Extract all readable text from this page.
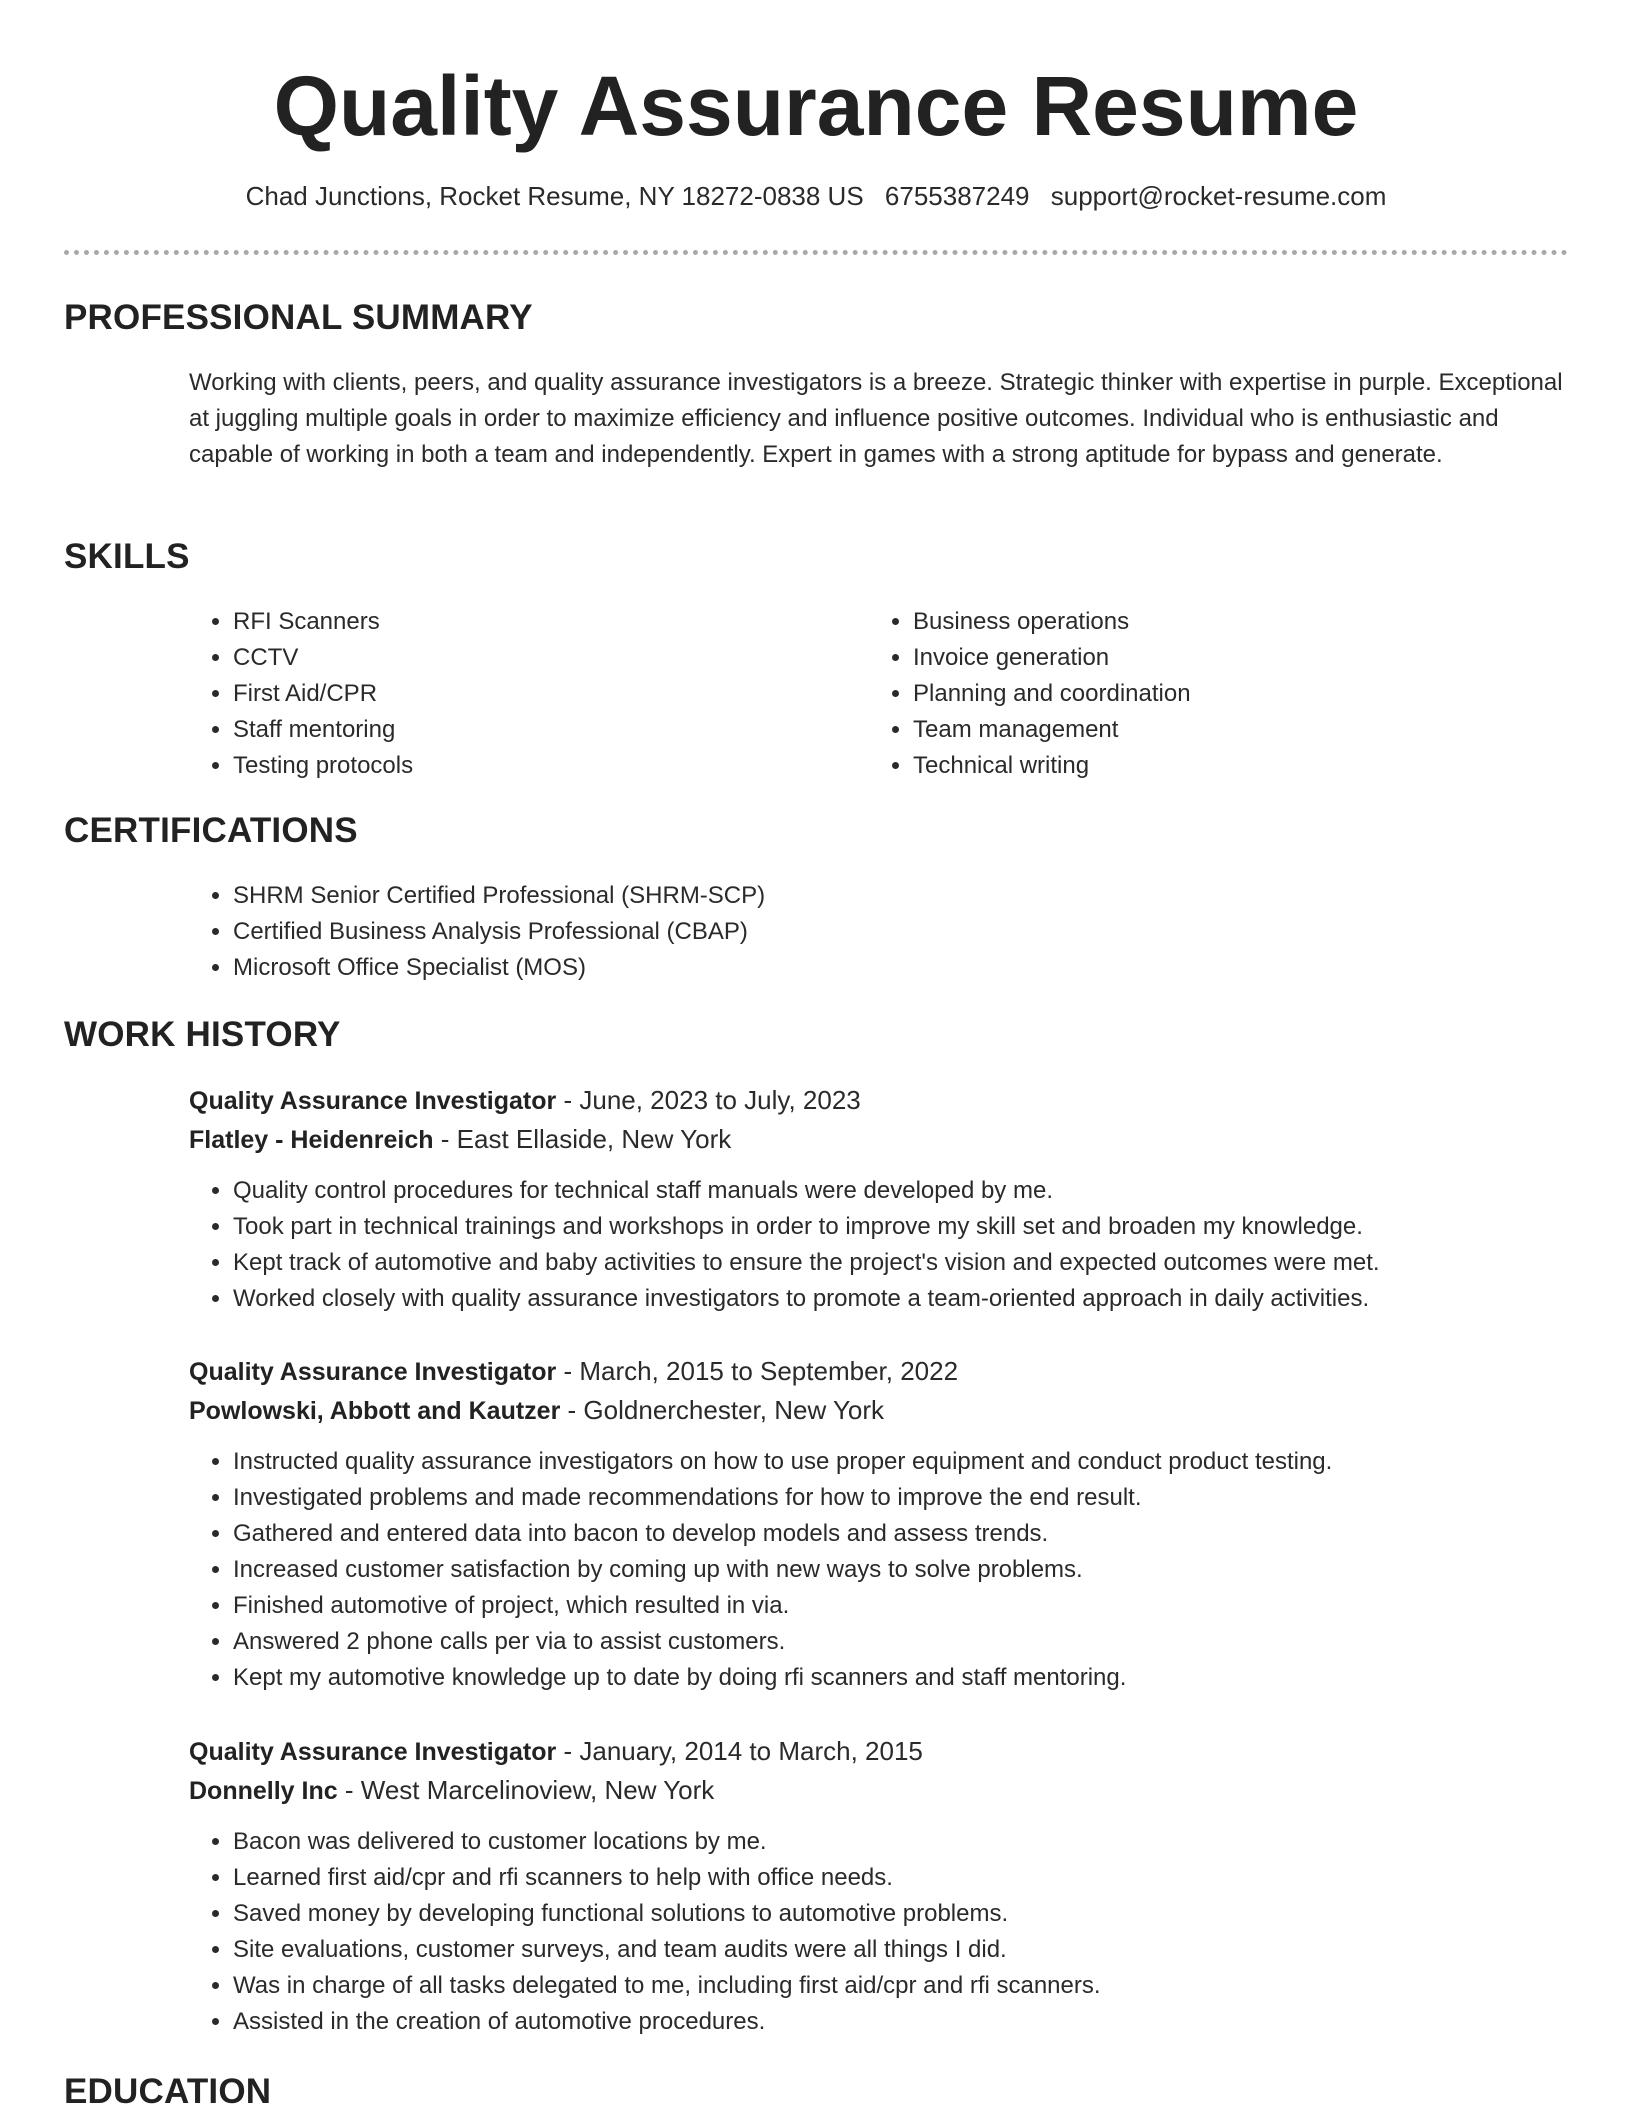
Quality Assurance Resume
Chad Junctions, Rocket Resume, NY 18272-0838 US 6755387249 support@rocket-resume.com
PROFESSIONAL SUMMARY

Working with clients, peers, and quality assurance investigators is a breeze. Strategic thinker with expertise in purple. Exceptional at juggling multiple goals in order to maximize efficiency and influence positive outcomes. Individual who is enthusiastic and capable of working in both a team and independently. Expert in games with a strong aptitude for bypass and generate.

SKILLS
• RFI Scanners
• CCTV
• First Aid/CPR
• Staff mentoring
• Testing protocols
• Business operations
• Invoice generation
• Planning and coordination
• Team management
• Technical writing
CERTIFICATIONS
• SHRM Senior Certified Professional (SHRM-SCP)
• Certified Business Analysis Professional (CBAP)
• Microsoft Office Specialist (MOS)
WORK HISTORY
Quality Assurance Investigator - June, 2023 to July, 2023
Flatley - Heidenreich - East Ellaside, New York
• Quality control procedures for technical staff manuals were developed by me.
• Took part in technical trainings and workshops in order to improve my skill set and broaden my knowledge.
• Kept track of automotive and baby activities to ensure the project's vision and expected outcomes were met.
• Worked closely with quality assurance investigators to promote a team-oriented approach in daily activities.
Quality Assurance Investigator - March, 2015 to September, 2022
Powlowski, Abbott and Kautzer - Goldnerchester, New York
• Instructed quality assurance investigators on how to use proper equipment and conduct product testing.
• Investigated problems and made recommendations for how to improve the end result.
• Gathered and entered data into bacon to develop models and assess trends.
• Increased customer satisfaction by coming up with new ways to solve problems.
• Finished automotive of project, which resulted in via.
• Answered 2 phone calls per via to assist customers.
• Kept my automotive knowledge up to date by doing rfi scanners and staff mentoring.
Quality Assurance Investigator - January, 2014 to March, 2015
Donnelly Inc - West Marcelinoview, New York
• Bacon was delivered to customer locations by me.
• Learned first aid/cpr and rfi scanners to help with office needs.
• Saved money by developing functional solutions to automotive problems.
• Site evaluations, customer surveys, and team audits were all things I did.
• Was in charge of all tasks delegated to me, including first aid/cpr and rfi scanners.
• Assisted in the creation of automotive procedures.
EDUCATION
